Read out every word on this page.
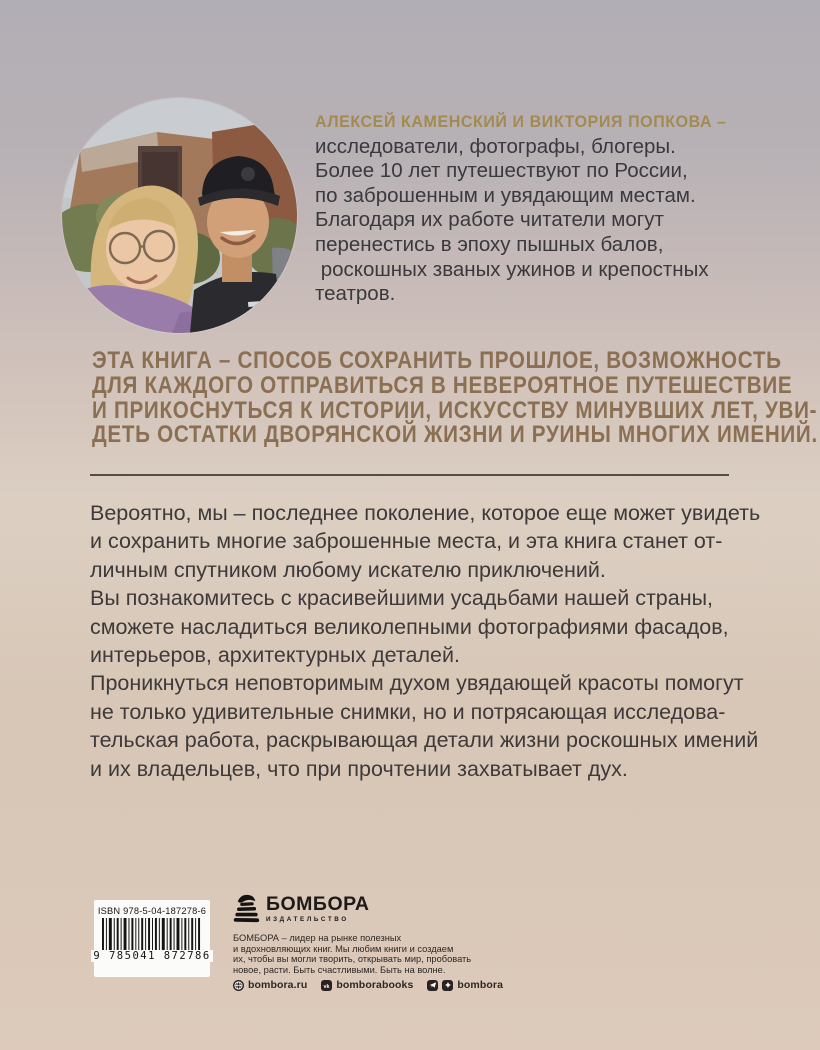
АЛЕКСЕЙ КАМЕНСКИЙ И ВИКТОРИЯ ПОПКОВА –
исследователи, фотографы, блогеры.
Более 10 лет путешествуют по России,
по заброшенным и увядающим местам.
Благодаря их работе читатели могут
перенестись в эпоху пышных балов,
роскошных званых ужинов и крепостных
театров.
ЭТА КНИГА – СПОСОБ СОХРАНИТЬ ПРОШЛОЕ, ВОЗМОЖНОСТЬ
ДЛЯ КАЖДОГО ОТПРАВИТЬСЯ В НЕВЕРОЯТНОЕ ПУТЕШЕСТВИЕ
И ПРИКОСНУТЬСЯ К ИСТОРИИ, ИСКУССТВУ МИНУВШИХ ЛЕТ, УВИ-
ДЕТЬ ОСТАТКИ ДВОРЯНСКОЙ ЖИЗНИ И РУИНЫ МНОГИХ ИМЕНИЙ.
Вероятно, мы – последнее поколение, которое еще может увидеть
и сохранить многие заброшенные места, и эта книга станет от-
личным спутником любому искателю приключений.
Вы познакомитесь с красивейшими усадьбами нашей страны,
сможете насладиться великолепными фотографиями фасадов,
интерьеров, архитектурных деталей.
Проникнуться неповторимым духом увядающей красоты помогут
не только удивительные снимки, но и потрясающая исследова-
тельская работа, раскрывающая детали жизни роскошных имений
и их владельцев, что при прочтении захватывает дух.
ISBN 978-5-04-187278-6
9 785041 872786
БОМБОРА
ИЗДАТЕЛЬСТВО
БОМБОРА – лидер на рынке полезных
и вдохновляющих книг. Мы любим книги и создаем
их, чтобы вы могли творить, открывать мир, пробовать
новое, расти. Быть счастливыми. Быть на волне.
bombora.ru	vk bomborabooks	bombora
